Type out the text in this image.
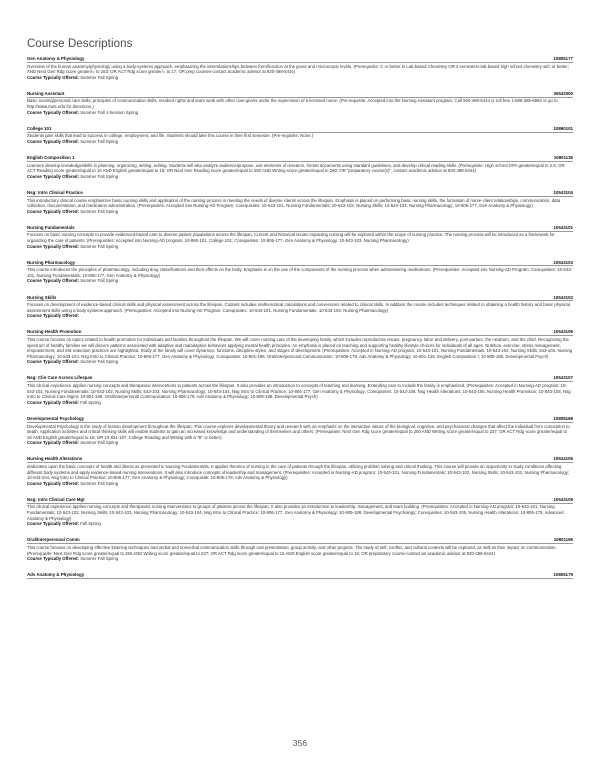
Course Descriptions
Gen Anatomy & Physiology	10806177
Overview of the human anatomy/physiology using a body-systems approach, emphasizing the interrelationships between form/function at the gross and microscopic levels. (Prerequisite: C or better in Lab-based Chemistry OR 2 semesters lab-based high school chemistry w/C or better; AND Next Gen Rdg score greater/= to 263; OR ACT Rdg score greater/= to 17; OR prep courses-contact academic advisor at 920-498-5444)
Course Typically Offered: Summer Fall Spring
Nursing Assistant	30543300
Basic nursing/personal care skills, principles of communication skills, resident rights and team work with other care-givers under the supervision of a licensed nurse. (Pre-requisite: Accepted into the Nursing Assistant program. Call 920-498-5444 or toll free 1-888-385-6982 or go to http://www.nwtc.edu for directions.)
Course Typically Offered: Summer Fall J-Session Spring
College 101	10890101
Students gain skills that lead to success in college, employment, and life. Students should take this course in their first semester. (Pre-requisite: None.)
Course Typically Offered: Summer Fall Spring
English Composition 1	10801136
Learners develop knowledge/skills in planning, organizing, writing, editing. Students will also analyze audience/purpose, use elements of research, format documents using standard guidelines, and develop critical reading skills. (Prerequisite: High school GPA greater/equal to 2.6; OR ACT Reading score greater/equal to 16 AND English greater/equal to 18; OR Next Gen Reading score greater/equal to 250 AND Writing score greater/equal to 260; OR "preparatory course(s)", contact academic advisor at 920-498-5444)
Course Typically Offered: Summer Fall Spring
Nsg: Intro Clinical Practice	10543104
This introductory clinical course emphasizes basic nursing skills and application of the nursing process in meeting the needs of diverse clients across the lifespan. Emphasis is placed on performing basic nursing skills, the formation of nurse-client relationships, communication, data collection, documentation, and medication administration. (Prerequisites: Accepted into Nursing-AD Program; Corequisites: 10-543-101, Nursing Fundamentals; 10-543-102, Nursing Skills; 10-543-103, Nursing Pharmacology; 10-806-177, Gen Anatomy & Physiology)
Course Typically Offered: Summer Fall Spring
Nursing Fundamentals	10543101
Focuses on basic nursing concepts to provide evidenced-based care to diverse patient populations across the lifespan. Current and historical issues impacting nursing will be explored within the scope of nursing practice. The nursing process will be introduced as a framework for organizing the care of patients. (Prerequisites: Accepted into Nursing-AD program; 10-890-101, College 101; Corequisites: 10-806-177, Gen Anatomy & Physiology; 10-543-103, Nursing Pharmacology)
Course Typically Offered: Summer Fall Spring
Nursing Pharmacology	10543103
This course introduces the principles of pharmacology, including drug classifications and their effects on the body. Emphasis is on the use of the components of the nursing process when administering medications. (Prerequisites: Accepted into Nursing-AD Program; Corequisites: 10-543-101, Nursing Fundamentals; 10-806-177, Gen Anatomy & Physiology)
Course Typically Offered: Summer Fall Spring
Nursing Skills	10543102
Focuses on development of evidence-based clinical skills and physical assessment across the lifespan. Content includes mathematical calculations and conversions related to clinical skills. In addition the course includes techniques related to obtaining a health history and basic physical assessment skills using a body systems approach. (Prerequisites: Accepted into Nursing-AD Program; Corequisites: 10-543-101, Nursing Fundamentals; 10-543-103, Nursing Pharmacology)
Course Typically Offered:
Nursing Health Promotion	10543106
This course focuses on topics related to health promotion for individuals and families throughout the lifespan. We will cover nursing care of the developing family, which includes reproductive issues, pregnancy, labor and delivery, post-partum, the newborn, and the child. Recognizing the spectrum of healthy families we will discern patterns associated with adaptive and maladaptive behaviors applying mental health principles. An emphasis is placed on teaching and supporting healthy lifestyle choices for individuals of all ages. Nutrition, exercise, stress management, empowerment, and risk reduction practices are highlighted. Study of the family will cover dynamics, functions, discipline styles, and stages of development. (Prerequisites: Accepted in Nursing-AD program; 10-543-101, Nursing Fundamentals; 10-543-102, Nursing Skills; 543-103, Nursing Pharmacology; 10-543-104, Nsg Intro to Clinical Practice; 10-806-177, Gen Anatomy & Physiology; Corequisites: 10-801-196, Oral/Interpersonal Communication; 10-806-179, Adv Anatomy & Physiology; 10-801-136, English Composition I; 10-809-188, Developmental Psych)
Course Typically Offered: Summer Fall Spring
Nsg: Clin Care Across Lifespan	10543107
This clinical experience applies nursing concepts and therapeutic interventions to patients across the lifespan. It also provides an introduction to concepts of teaching and learning. Extending care to include the family is emphasized. (Prerequisites: Accepted in Nursing-AD program; 10-543-101, Nursing Fundamentals; 10-543-102, Nursing Skills; 543-103, Nursing Pharmacology; 10-543-104, Nsg Intro to Clinical Practice; 10-806-177, Gen Anatomy & Physiology; Corequisites: 10-543-105, Nsg Health Alterations; 10-543-106, Nursing Health Promotion; 10-543-108, Nsg Intro to Clinical Care Mgmt; 10-801-196, Oral/Interpersonal Communication; 10-806-179, Adv Anatomy & Physiology; 10-809-188, Developmental Psych)
Course Typically Offered: Fall Spring
Developmental Psychology	10809188
Developmental Psychology is the study of human development throughout the lifespan. This course explores developmental theory and research with an emphasis on the interactive nature of the biological, cognitive, and psychosocial changes that affect the individual from conception to death. Application activities and critical thinking skills will enable students to gain an increased knowledge and understanding of themselves and others. (Prerequisite: Next Gen Rdg score greater/equal to 250 AND Writing score greater/equal to 237; OR ACT Rdg score greater/equal to 16 AND English greater/equal to 15; OR 10-831-107, College Reading and Writing with a "B" or better).
Course Typically Offered: Summer Fall Spring
Nursing Health Alterations	10543105
elaborates upon the basic concepts of health and illness as presented in Nursing Fundamentals. It applies theories of nursing in the care of patients through the lifespan, utilizing problem solving and critical thinking. This course will provide an opportunity to study conditions affecting different body systems and apply evidence-based nursing interventions. It will also introduce concepts of leadership and management. (Prerequisites: Accepted in Nursing-AD program; 10-543-101, Nursing Fundamentals; 10-543-102, Nursing Skills; 10-543-103, Nursing Pharmacology; 10-543-104, Nsg Intro to Clinical Practice; 10-806-177, Gen Anatomy & Physiology; Corequisite: 10-806-179, Adv Anatomy & Physiology)
Course Typically Offered: Summer Fall Spring
Nsg: Intro Clinical Care Mgt	10543108
This clinical experience applies nursing concepts and therapeutic nursing interventions to groups of patients across the lifespan. It also provides an introduction to leadership, management, and team building. (Prerequisites: Accepted in Nursing-AD program; 10-543-101, Nursing Fundamentals; 10-543-102, Nursing Skills; 10-543-103, Nursing Pharmacology; 10-543-104, Nsg Intro to Clinical Practice; 10-806-177, Gen Anatomy & Physiology; 10-809-188, Developmental Psychology; Corequisites: 10-543-105, Nursing Health Alterations; 10-806-179, Advanced Anatomy & Physiology)
Course Typically Offered: Fall Spring
Oral/Interpersonal Comm	10801196
This course focuses on developing effective listening techniques and verbal and nonverbal communication skills through oral presentation, group activity, and other projects. The study of self, conflict, and cultural contexts will be explored, as well as their impact on communication. (Prerequisite: Next Gen Rdg score greater/equal to 250 AND Writing score greater/equal to 237; OR ACT Rdg score greater/equal to 16 AND English score greater/equal to 16; OR preparatory course-contact an academic advisor at 920-498-5444)
Course Typically Offered: Summer Fall Spring
Adv Anatomy & Physiology	10806179
356
